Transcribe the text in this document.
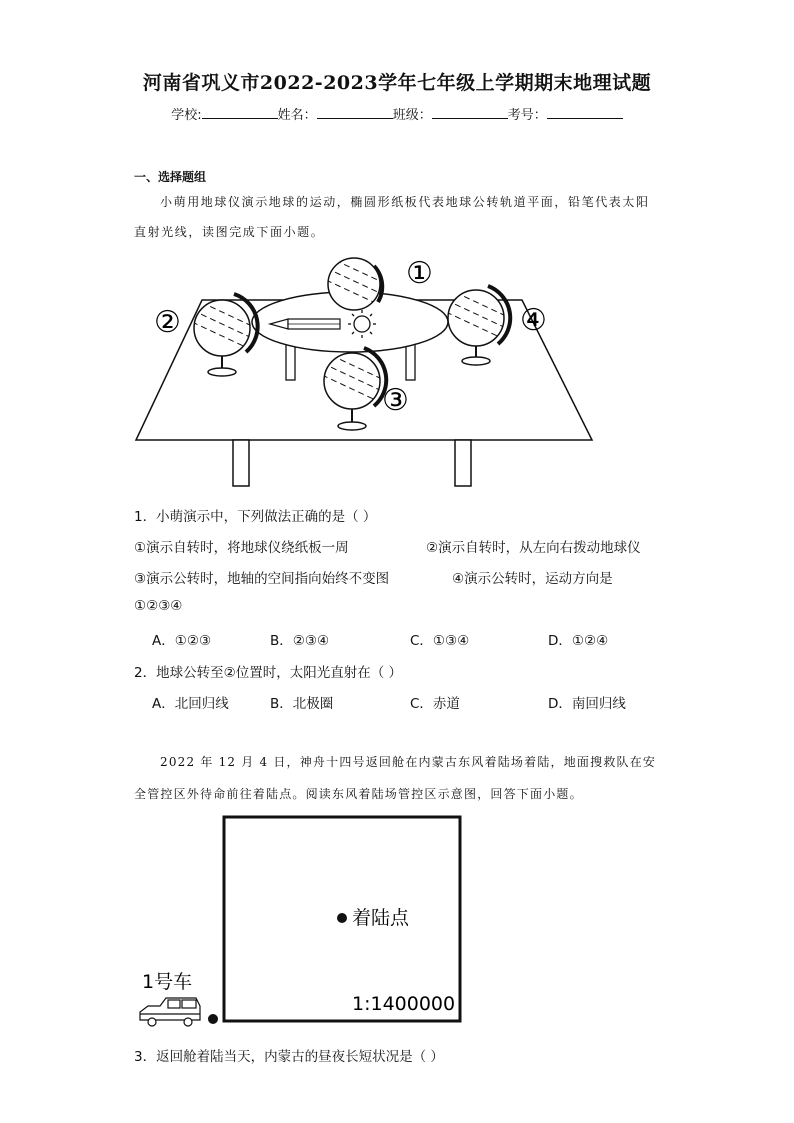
河南省巩义市2022-2023学年七年级上学期期末地理试题
学校:	姓名：	班级：	考号：
一、选择题组
小萌用地球仪演示地球的运动，椭圆形纸板代表地球公转轨道平面，铅笔代表太阳
直射光线，读图完成下面小题。
①
②
③
④
1．小萌演示中，下列做法正确的是（ ）
①演示自转时，将地球仪绕纸板一周	②演示自转时，从左向右拨动地球仪
③演示公转时，地轴的空间指向始终不变图	④演示公转时，运动方向是
①②③④
A．①②③	B．②③④	C．①③④	D．①②④
2．地球公转至②位置时，太阳光直射在（ ）
A．北回归线	B．北极圈	C．赤道	D．南回归线
2022 年 12 月 4 日，神舟十四号返回舱在内蒙古东风着陆场着陆，地面搜救队在安
全管控区外待命前往着陆点。阅读东风着陆场管控区示意图，回答下面小题。
着陆点
1:1400000
1号车
3．返回舱着陆当天，内蒙古的昼夜长短状况是（ ）
